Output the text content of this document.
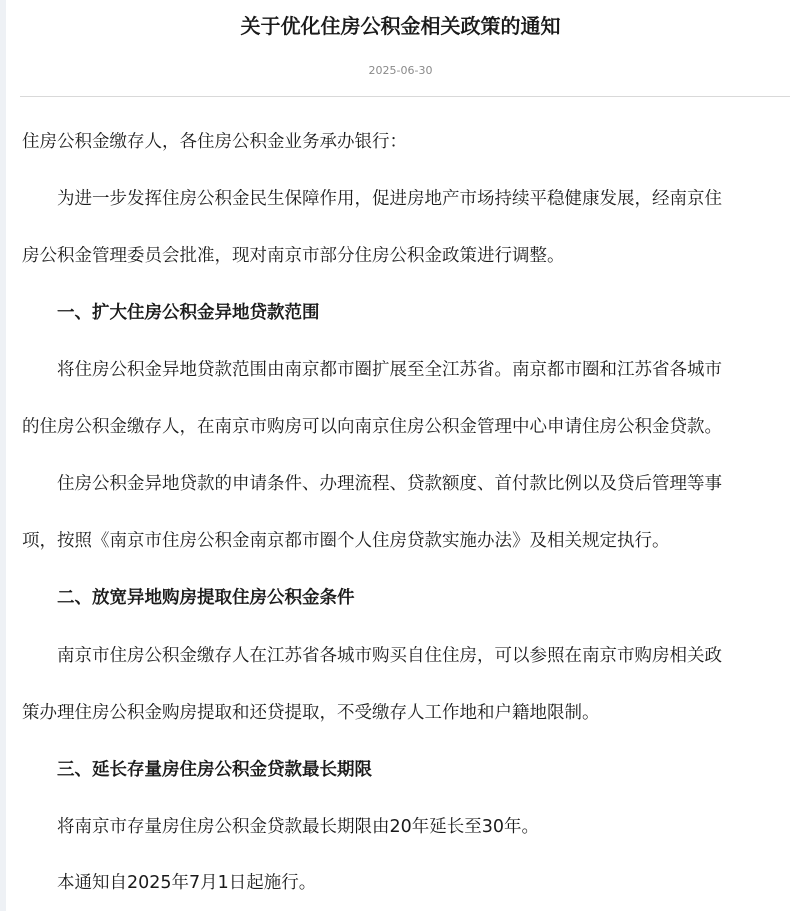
关于优化住房公积金相关政策的通知
2025-06-30
住房公积金缴存人，各住房公积金业务承办银行：
为进一步发挥住房公积金民生保障作用，促进房地产市场持续平稳健康发展，经南京住
房公积金管理委员会批准，现对南京市部分住房公积金政策进行调整。
一、扩大住房公积金异地贷款范围
将住房公积金异地贷款范围由南京都市圈扩展至全江苏省。南京都市圈和江苏省各城市
的住房公积金缴存人，在南京市购房可以向南京住房公积金管理中心申请住房公积金贷款。
住房公积金异地贷款的申请条件、办理流程、贷款额度、首付款比例以及贷后管理等事
项，按照《南京市住房公积金南京都市圈个人住房贷款实施办法》及相关规定执行。
二、放宽异地购房提取住房公积金条件
南京市住房公积金缴存人在江苏省各城市购买自住住房，可以参照在南京市购房相关政
策办理住房公积金购房提取和还贷提取，不受缴存人工作地和户籍地限制。
三、延长存量房住房公积金贷款最长期限
将南京市存量房住房公积金贷款最长期限由20年延长至30年。
本通知自2025年7月1日起施行。
